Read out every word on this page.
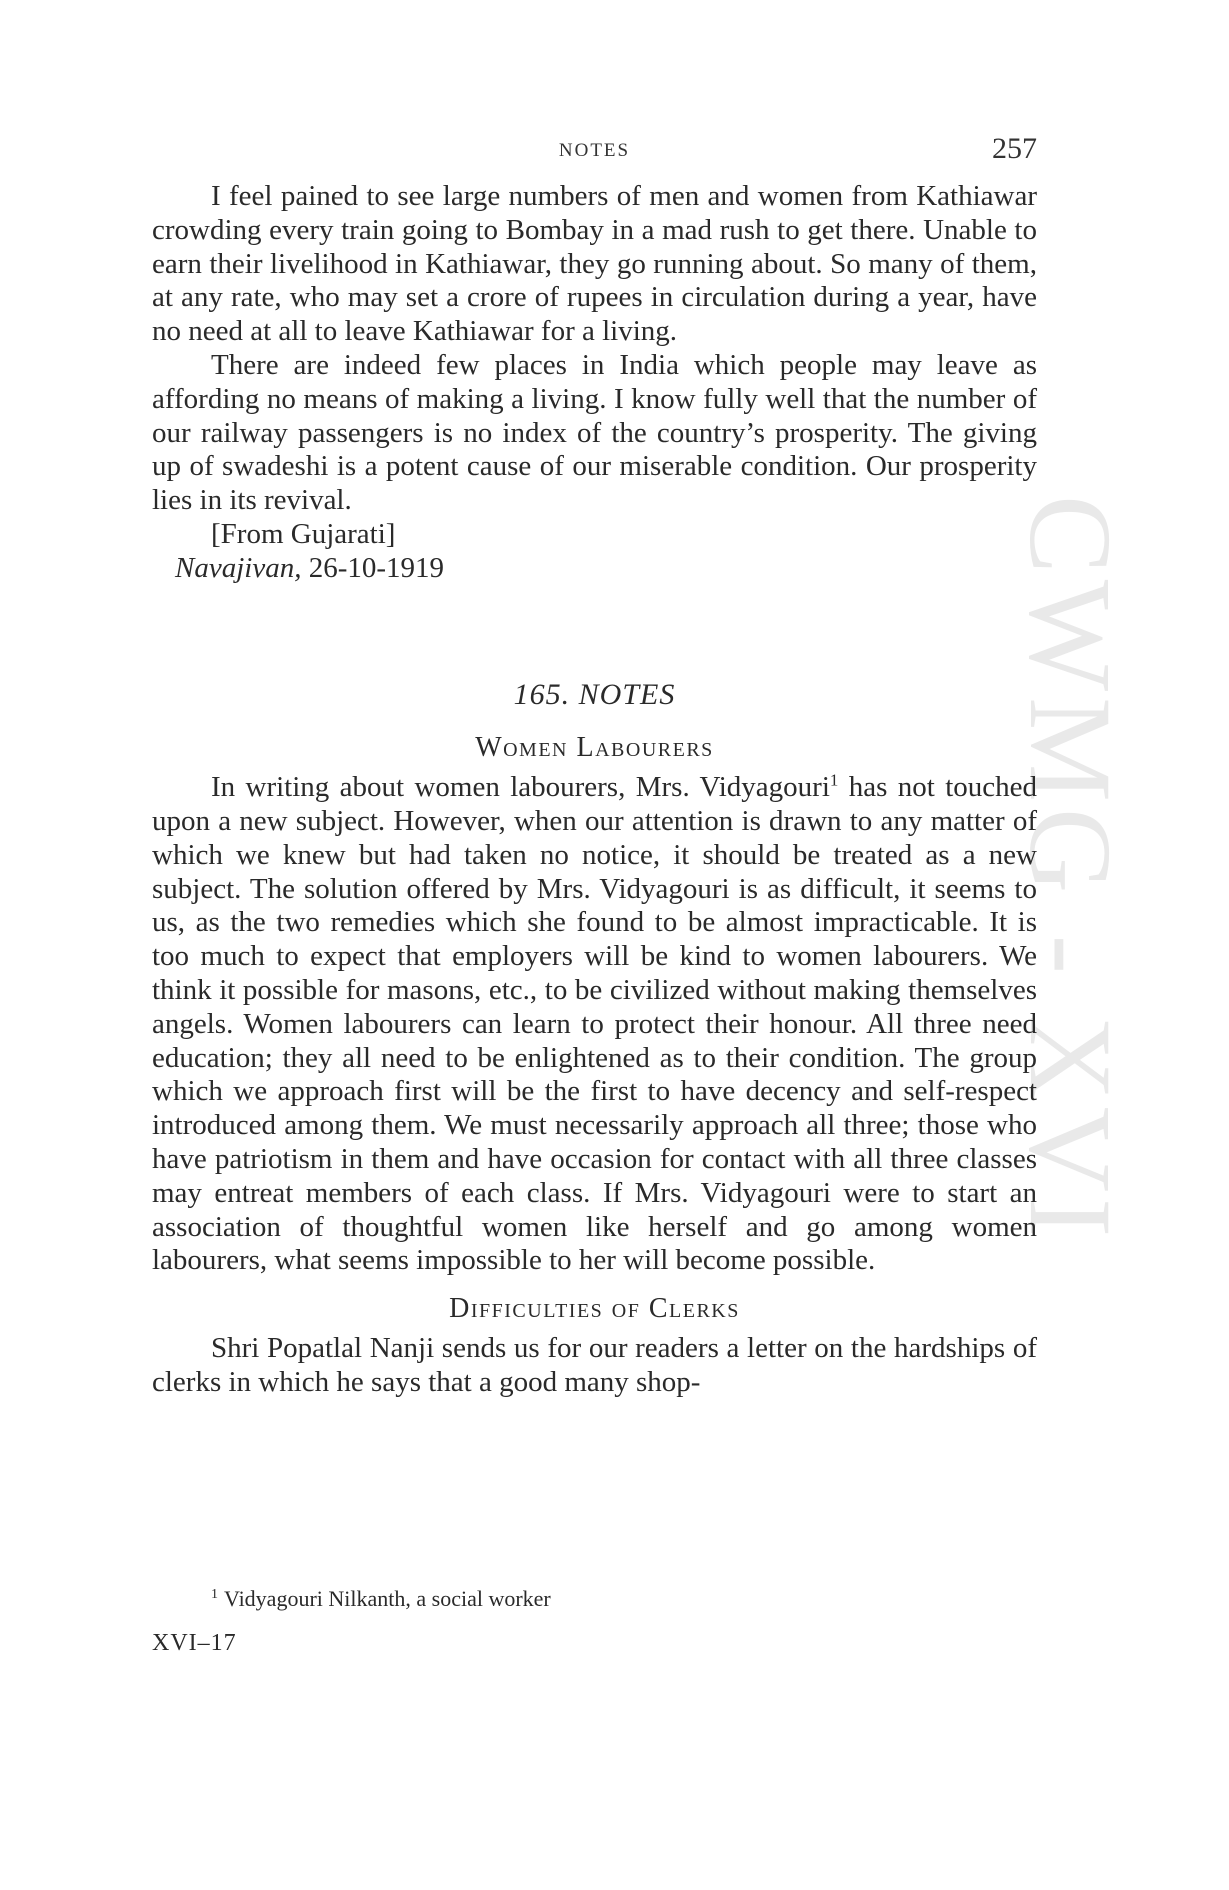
CWMG - XVI
NOTES	257

I feel pained to see large numbers of men and women from Kathiawar crowding every train going to Bombay in a mad rush to get there. Unable to earn their livelihood in Kathiawar, they go running about. So many of them, at any rate, who may set a crore of rupees in circulation during a year, have no need at all to leave Kathiawar for a living.

There are indeed few places in India which people may leave as affording no means of making a living. I know fully well that the number of our railway passengers is no index of the country’s prosperity. The giving up of swadeshi is a potent cause of our miserable condition. Our prosperity lies in its revival.

[From Gujarati]
Navajivan, 26-10-1919
165. NOTES
Women Labourers

In writing about women labourers, Mrs. Vidyagouri$^1$ has not touched upon a new subject. However, when our attention is drawn to any matter of which we knew but had taken no notice, it should be treated as a new subject. The solution offered by Mrs. Vidyagouri is as difficult, it seems to us, as the two remedies which she found to be almost impracticable. It is too much to expect that employers will be kind to women labourers. We think it possible for masons, etc., to be civilized without making themselves angels. Women labourers can learn to protect their honour. All three need education; they all need to be enlightened as to their condition. The group which we approach first will be the first to have decency and self-respect introduced among them. We must necessarily approach all three; those who have patriotism in them and have occasion for contact with all three classes may entreat members of each class. If Mrs. Vidyagouri were to start an association of thoughtful women like herself and go among women labourers, what seems impossible to her will become possible.

Difficulties of Clerks

Shri Popatlal Nanji sends us for our readers a letter on the hardships of clerks in which he says that a good many shop-

$^1$ Vidyagouri Nilkanth, a social worker
XVI–17
